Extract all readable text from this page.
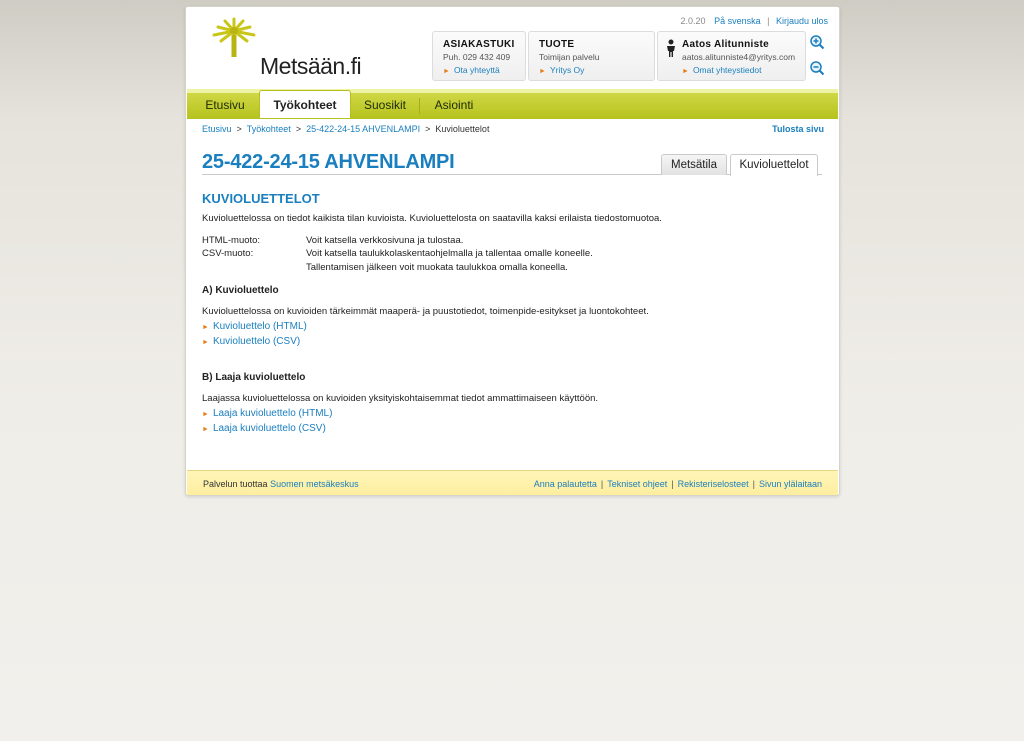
Metsään.fi
2.0.20 På svenska | Kirjaudu ulos
ASIAKASTUKI
Puh. 029 432 409
► Ota yhteyttä
TUOTE
Toimijan palvelu
► Yritys Oy
Aatos Alitunniste
aatos.alitunniste4@yritys.com
► Omat yhteystiedot
Etusivu	Työkohteet	Suosikit	Asiointi
Etusivu > Työkohteet > 25-422-24-15 AHVENLAMPI > Kuvioluettelot	Tulosta sivu
25-422-24-15 AHVENLAMPI	Metsätila	Kuvioluettelot
KUVIOLUETTELOT
Kuvioluettelossa on tiedot kaikista tilan kuvioista. Kuvioluettelosta on saatavilla kaksi erilaista tiedostomuotoa.
HTML-muoto:	Voit katsella verkkosivuna ja tulostaa.
CSV-muoto:	Voit katsella taulukkolaskentaohjelmalla ja tallentaa omalle koneelle.
Tallentamisen jälkeen voit muokata taulukkoa omalla koneella.
A) Kuvioluettelo
Kuvioluettelossa on kuvioiden tärkeimmät maaperä- ja puustotiedot, toimenpide-esitykset ja luontokohteet.
► Kuvioluettelo (HTML)
► Kuvioluettelo (CSV)
B) Laaja kuvioluettelo
Laajassa kuvioluettelossa on kuvioiden yksityiskohtaisemmat tiedot ammattimaiseen käyttöön.
► Laaja kuvioluettelo (HTML)
► Laaja kuvioluettelo (CSV)
Palvelun tuottaa Suomen metsäkeskus	Anna palautetta | Tekniset ohjeet | Rekisteriselosteet | Sivun ylälaitaan
